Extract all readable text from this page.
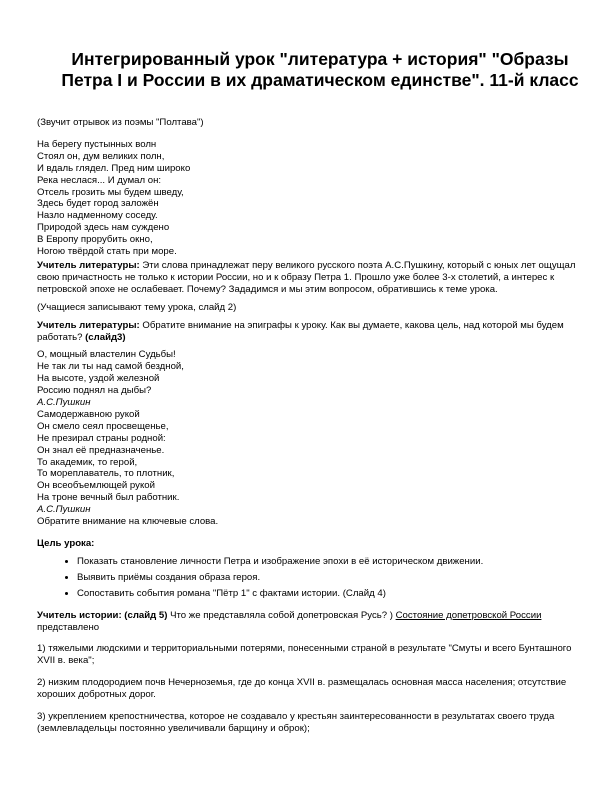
Интегрированный урок "литература + история" "Образы Петра I и России в их драматическом единстве". 11-й класс

(Звучит отрывок из поэмы "Полтава")

На берегу пустынных волн
Стоял он, дум великих полн,
И вдаль глядел. Пред ним широко
Река неслася... И думал он:
Отсель грозить мы будем шведу,
Здесь будет город заложён
Назло надменному соседу.
Природой здесь нам суждено
В Европу прорубить окно,
Ногою твёрдой стать при море.

Учитель литературы: Эти слова принадлежат перу великого русского поэта А.С.Пушкину, который с юных лет ощущал свою причастность не только к истории России, но и к образу Петра 1. Прошло уже более 3-х столетий, а интерес к петровской эпохе не ослабевает. Почему? Зададимся и мы этим вопросом, обратившись к теме урока.

(Учащиеся записывают тему урока, слайд 2)

Учитель литературы: Обратите внимание на эпиграфы к уроку. Как вы думаете, какова цель, над которой мы будем работать? (слайд3)

О, мощный властелин Судьбы!
Не так ли ты над самой бездной,
На высоте, уздой железной
Россию поднял на дыбы?
А.С.Пушкин
Самодержавною рукой
Он смело сеял просвещенье,
Не презирал страны родной:
Он знал её предназначенье.
То академик, то герой,
То мореплаватель, то плотник,
Он всеобъемлющей рукой
На троне вечный был работник.
А.С.Пушкин
Обратите внимание на ключевые слова.

Цель урока:

• Показать становление личности Петра и изображение эпохи в её историческом движении.
• Выявить приёмы создания образа героя.
• Сопоставить события романа "Пётр 1" с фактами истории. (Слайд 4)

Учитель истории: (слайд 5) Что же представляла собой допетровская Русь? ) Состояние допетровской России представлено

1) тяжелыми людскими и территориальными потерями, понесенными страной в результате "Смуты и всего Бунташного XVII в. века";

2) низким плодородием почв Нечерноземья, где до конца XVII в. размещалась основная масса населения; отсутствие хороших добротных дорог.

3) укреплением крепостничества, которое не создавало у крестьян заинтересованности в результатах своего труда (землевладельцы постоянно увеличивали барщину и оброк);
